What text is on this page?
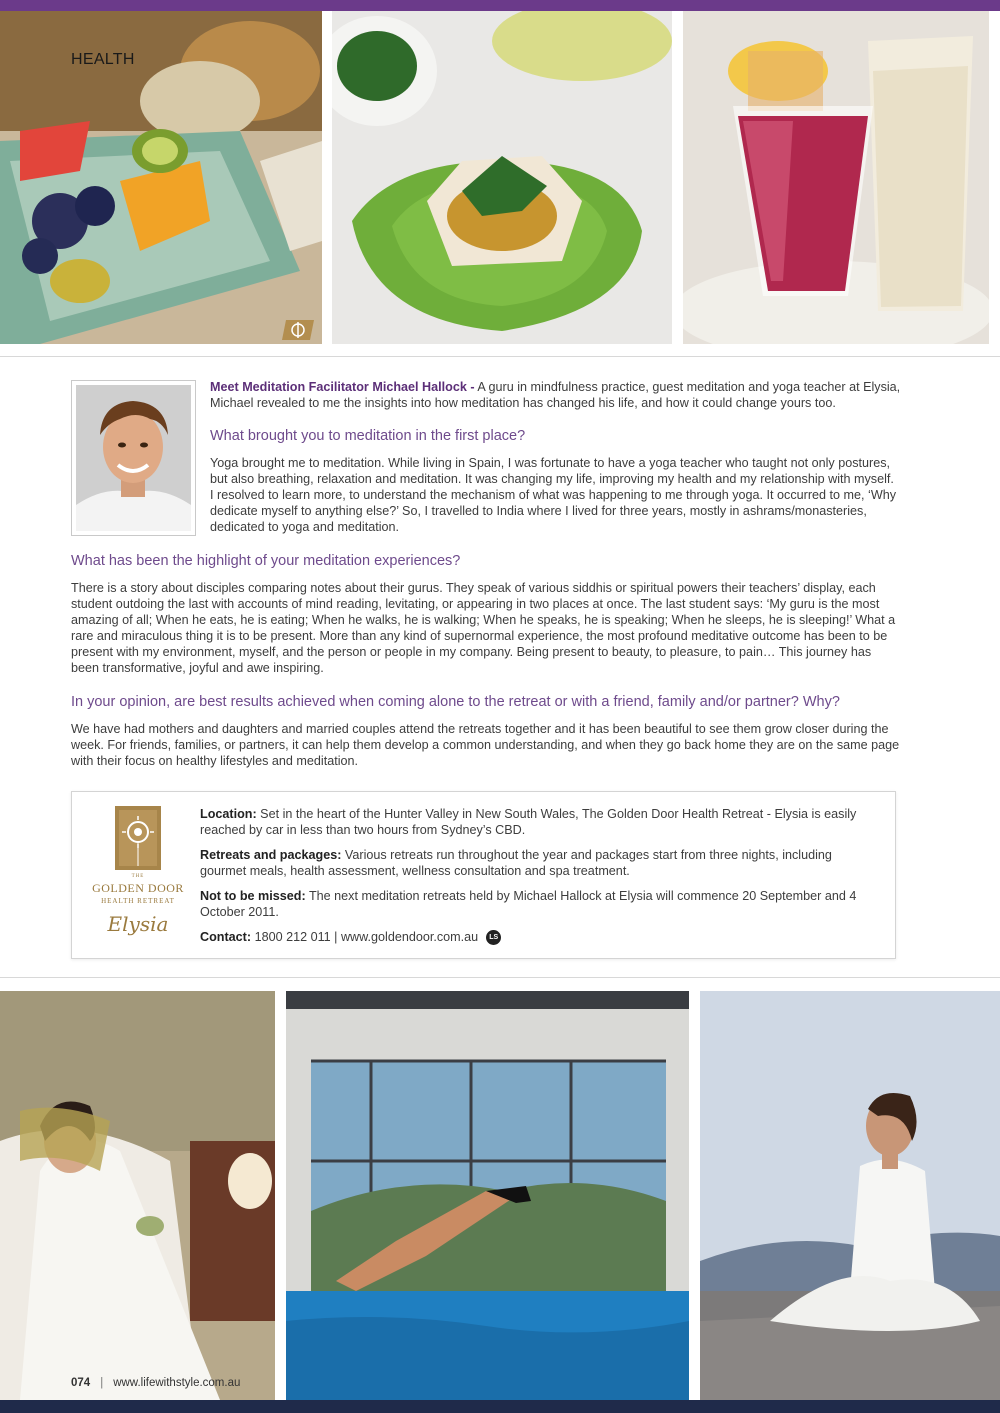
HEALTH
Meet Meditation Facilitator Michael Hallock - A guru in mindfulness practice, guest meditation and yoga teacher at Elysia, Michael revealed to me the insights into how meditation has changed his life, and how it could change yours too.
What brought you to meditation in the first place?
Yoga brought me to meditation. While living in Spain, I was fortunate to have a yoga teacher who taught not only postures, but also breathing, relaxation and meditation. It was changing my life, improving my health and my relationship with myself. I resolved to learn more, to understand the mechanism of what was happening to me through yoga. It occurred to me, ‘Why dedicate myself to anything else?’ So, I travelled to India where I lived for three years, mostly in ashrams/monasteries, dedicated to yoga and meditation.
What has been the highlight of your meditation experiences?
There is a story about disciples comparing notes about their gurus. They speak of various siddhis or spiritual powers their teachers’ display, each student outdoing the last with accounts of mind reading, levitating, or appearing in two places at once. The last student says: ‘My guru is the most amazing of all; When he eats, he is eating; When he walks, he is walking; When he speaks, he is speaking; When he sleeps, he is sleeping!’ What a rare and miraculous thing it is to be present. More than any kind of supernormal experience, the most profound meditative outcome has been to be present with my environment, myself, and the person or people in my company. Being present to beauty, to pleasure, to pain… This journey has been transformative, joyful and awe inspiring.
In your opinion, are best results achieved when coming alone to the retreat or with a friend, family and/or partner? Why?
We have had mothers and daughters and married couples attend the retreats together and it has been beautiful to see them grow closer during the week. For friends, families, or partners, it can help them develop a common understanding, and when they go back home they are on the same page with their focus on healthy lifestyles and meditation.
THE
GOLDEN DOOR
HEALTH RETREAT
Elysia

Location: Set in the heart of the Hunter Valley in New South Wales, The Golden Door Health Retreat - Elysia is easily reached by car in less than two hours from Sydney’s CBD.

Retreats and packages: Various retreats run throughout the year and packages start from three nights, including gourmet meals, health assessment, wellness consultation and spa treatment.

Not to be missed: The next meditation retreats held by Michael Hallock at Elysia will commence 20 September and 4 October 2011.

Contact: 1800 212 011 | www.goldendoor.com.au LS

074 | www.lifewithstyle.com.au
